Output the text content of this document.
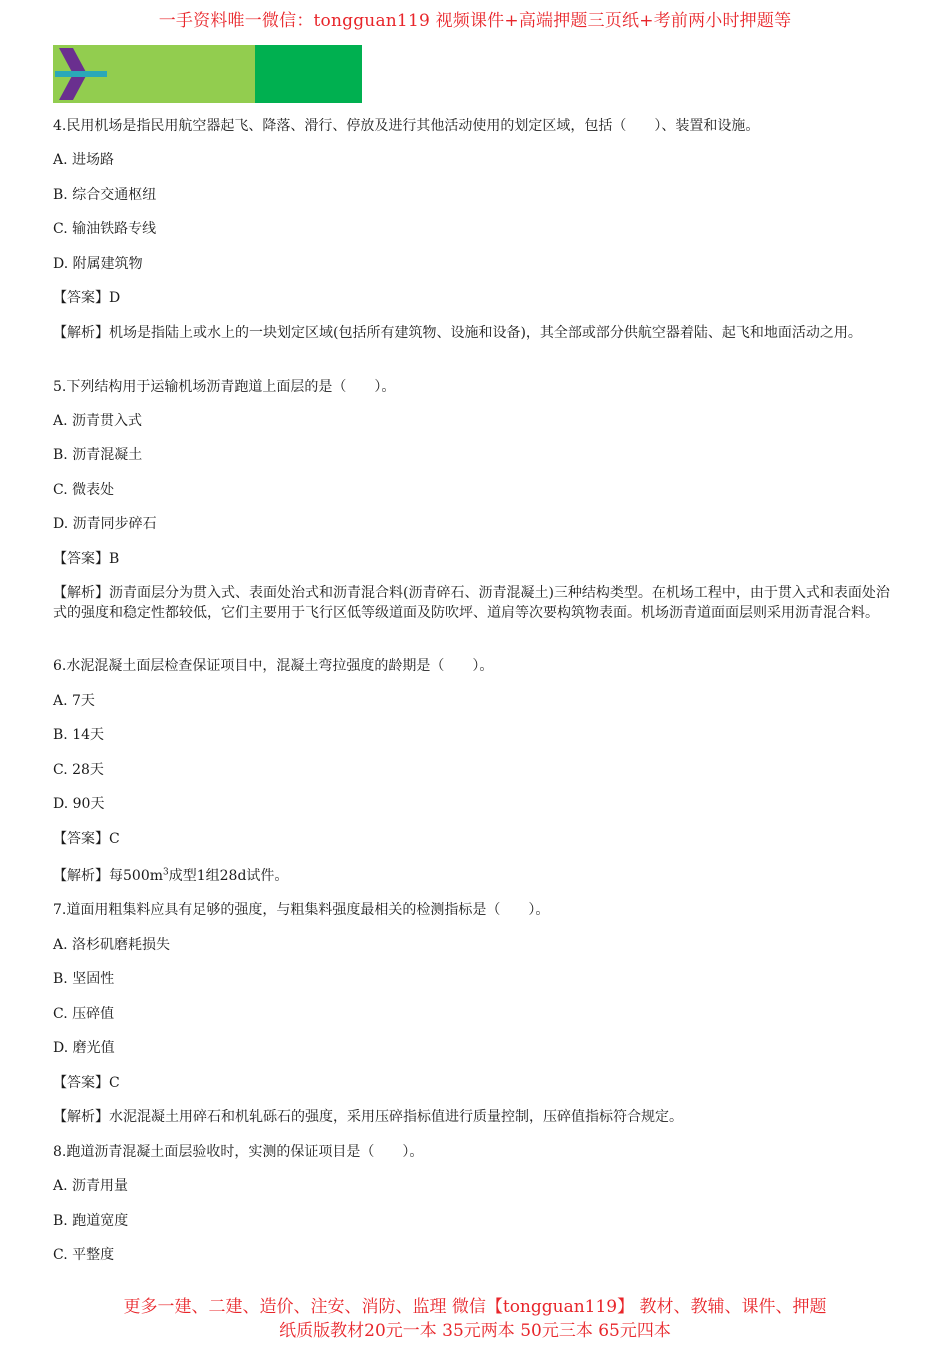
一手资料唯一微信：tongguan119 视频课件+高端押题三页纸+考前两小时押题等
4.民用机场是指民用航空器起飞、降落、滑行、停放及进行其他活动使用的划定区域，包括（　　）、装置和设施。
A. 进场路
B. 综合交通枢纽
C. 输油铁路专线
D. 附属建筑物
【答案】D
【解析】机场是指陆上或水上的一块划定区域(包括所有建筑物、设施和设备)，其全部或部分供航空器着陆、起飞和地面活动之用。
5.下列结构用于运输机场沥青跑道上面层的是（　　）。
A. 沥青贯入式
B. 沥青混凝土
C. 微表处
D. 沥青同步碎石
【答案】B
【解析】沥青面层分为贯入式、表面处治式和沥青混合料(沥青碎石、沥青混凝土)三种结构类型。在机场工程中，由于贯入式和表面处治式的强度和稳定性都较低，它们主要用于飞行区低等级道面及防吹坪、道肩等次要构筑物表面。机场沥青道面面层则采用沥青混合料。
6.水泥混凝土面层检查保证项目中，混凝土弯拉强度的龄期是（　　）。
A. 7天
B. 14天
C. 28天
D. 90天
【答案】C
【解析】每$500m^3$成型1组28d试件。
7.道面用粗集料应具有足够的强度，与粗集料强度最相关的检测指标是（　　）。
A. 洛杉矶磨耗损失
B. 坚固性
C. 压碎值
D. 磨光值
【答案】C
【解析】水泥混凝土用碎石和机轧砾石的强度，采用压碎指标值进行质量控制，压碎值指标符合规定。
8.跑道沥青混凝土面层验收时，实测的保证项目是（　　）。
A. 沥青用量
B. 跑道宽度
C. 平整度
更多一建、二建、造价、注安、消防、监理 微信【tongguan119】 教材、教辅、课件、押题
纸质版教材20元一本 35元两本 50元三本 65元四本
